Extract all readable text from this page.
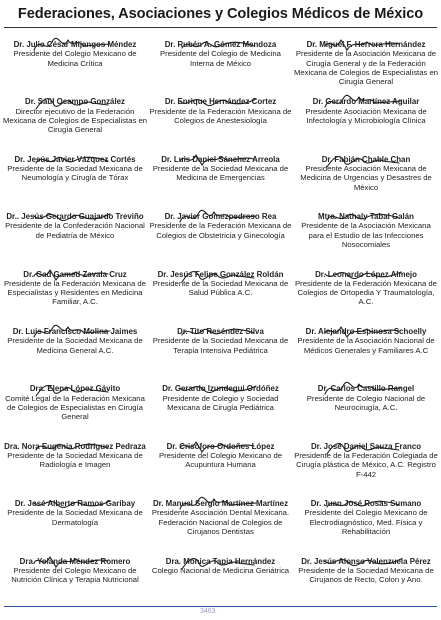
Federaciones, Asociaciones y Colegios Médicos de México
Dr. Julio César Mijangos Méndez
Presidente del Colegio Mexicano de Medicina Crítica
Dr. Rubén A. Gómez Mendoza
Presidente del Colegio de Medicina Interna de México
Dr. Miguel F. Herrera Hernández
Presidente de la Asociación Mexicana de Cirugía General y de la Federación Mexicana de Colegios de Especialistas en Cirugía General
Dr. Saúl Ocampo González
Director ejecutivo de la Federación Mexicana de Colegios de Especialistas en Cirugía General
Dr. Enrique Hernández Cortez
Presidente de la Federación Mexicana de Colegios de Anestesiología
Dr. Gerardo Martínez Aguilar
Presidente Asociación Mexicana de Infectología y Microbiología Clínica
Dr. Jesús Javier Vázquez Cortés
Presidente de la Sociedad Mexicana de Neumología y Cirugía de Tórax
Dr. Luis Daniel Sánchez Arreola
Presidente de la Sociedad Mexicana de Medicina de Emergencias
Dr. Fabián Chable Chan
Presidente Asociación Mexicana de Medicina de Urgencias y Desastres de México
Dr.. Jesús Gerardo Guajardo Treviño
Presidente de la Confederación Nacional de Pediatría de México
Dr. Javier Gomezpedroso Rea
Presidente de la Federación Mexicana de Colegios de Obstetricia y Ginecología
Mtra. Nathaly Tabal Galán
Presidente de la Asociación Mexicana para el Estudio de las Infecciones Nosocomiales
Dr. Gad Gamed Zavala Cruz
Presidente de la Federación Mexicana de Especialistas y Residentes en Medicina Familiar, A.C.
Dr. Jesús Felipe González Roldán
Presidente de la Sociedad Mexicana de Salud Pública A.C.
Dr. Leonardo López Almejo
Presidente de la Federación Mexicana de Colegios de Ortopedia Y Traumatología, A.C.
Dr. Luis Francisco Molina Jaimes
Presidente de la Sociedad Mexicana de Medicina General A.C.
Dr. Tito Reséndez Silva
Presidente de la Sociedad Mexicana de Terapia Intensiva Pediátrica
Dr. Alejandro Espinosa Schoelly
Presidente de la Asociación Nacional de Médicos Generales y Familiares A.C
Dra. Elena López Gávito
Comité Legal de la Federación Mexicana de Colegios de Especialistas en Cirugía General
Dr. Gerardo Izundegui Ordóñez
Presidente de Colegio y Sociedad Mexicana de Cirugía Pediátrica
Dr. Carlos Castillo Rangel
Presidente de Colegio Nacional de Neurocirugía, A.C.
Dra. Nora Eugenia Rodríguez Pedraza
Presidente de la Sociedad Mexicana de Radiología e Imagen
Dr. Crisóforo Ordoñes López
Presidente del Colegio Mexicano de Acupuntura Humana
Dr. José Daniel Sauza Franco
Presidente de la Federación Colegiada de Cirugía plástica de México, A.C. Registro F-442
Dr. José Alberto Ramos Garibay
Presidente de la Sociedad Mexicana de Dermatología
Dr. Manuel Sergio Martínez Martínez
Presidente Asociación Dental Mexicana. Federación Nacional de Colegios de Cirujanos Dentistas
Dr. Juan José Rosas Sumano
Presidente del Colegio Mexicano de Electrodiagnóstico, Med. Física y Rehabilitación
Dra. Yolanda Méndez Romero
Presidente del Colegio Mexicano de Nutrición Clínica y Terapia Nutricional
Dra. Mónica Tapia Hernández
Colegio Nacional de Medicina Geriátrica
Dr. Jesús Alonso Valenzuela Pérez
Presidente de la Sociedad Mexicana de Cirujanos de Recto, Colon y Ano.
3463
